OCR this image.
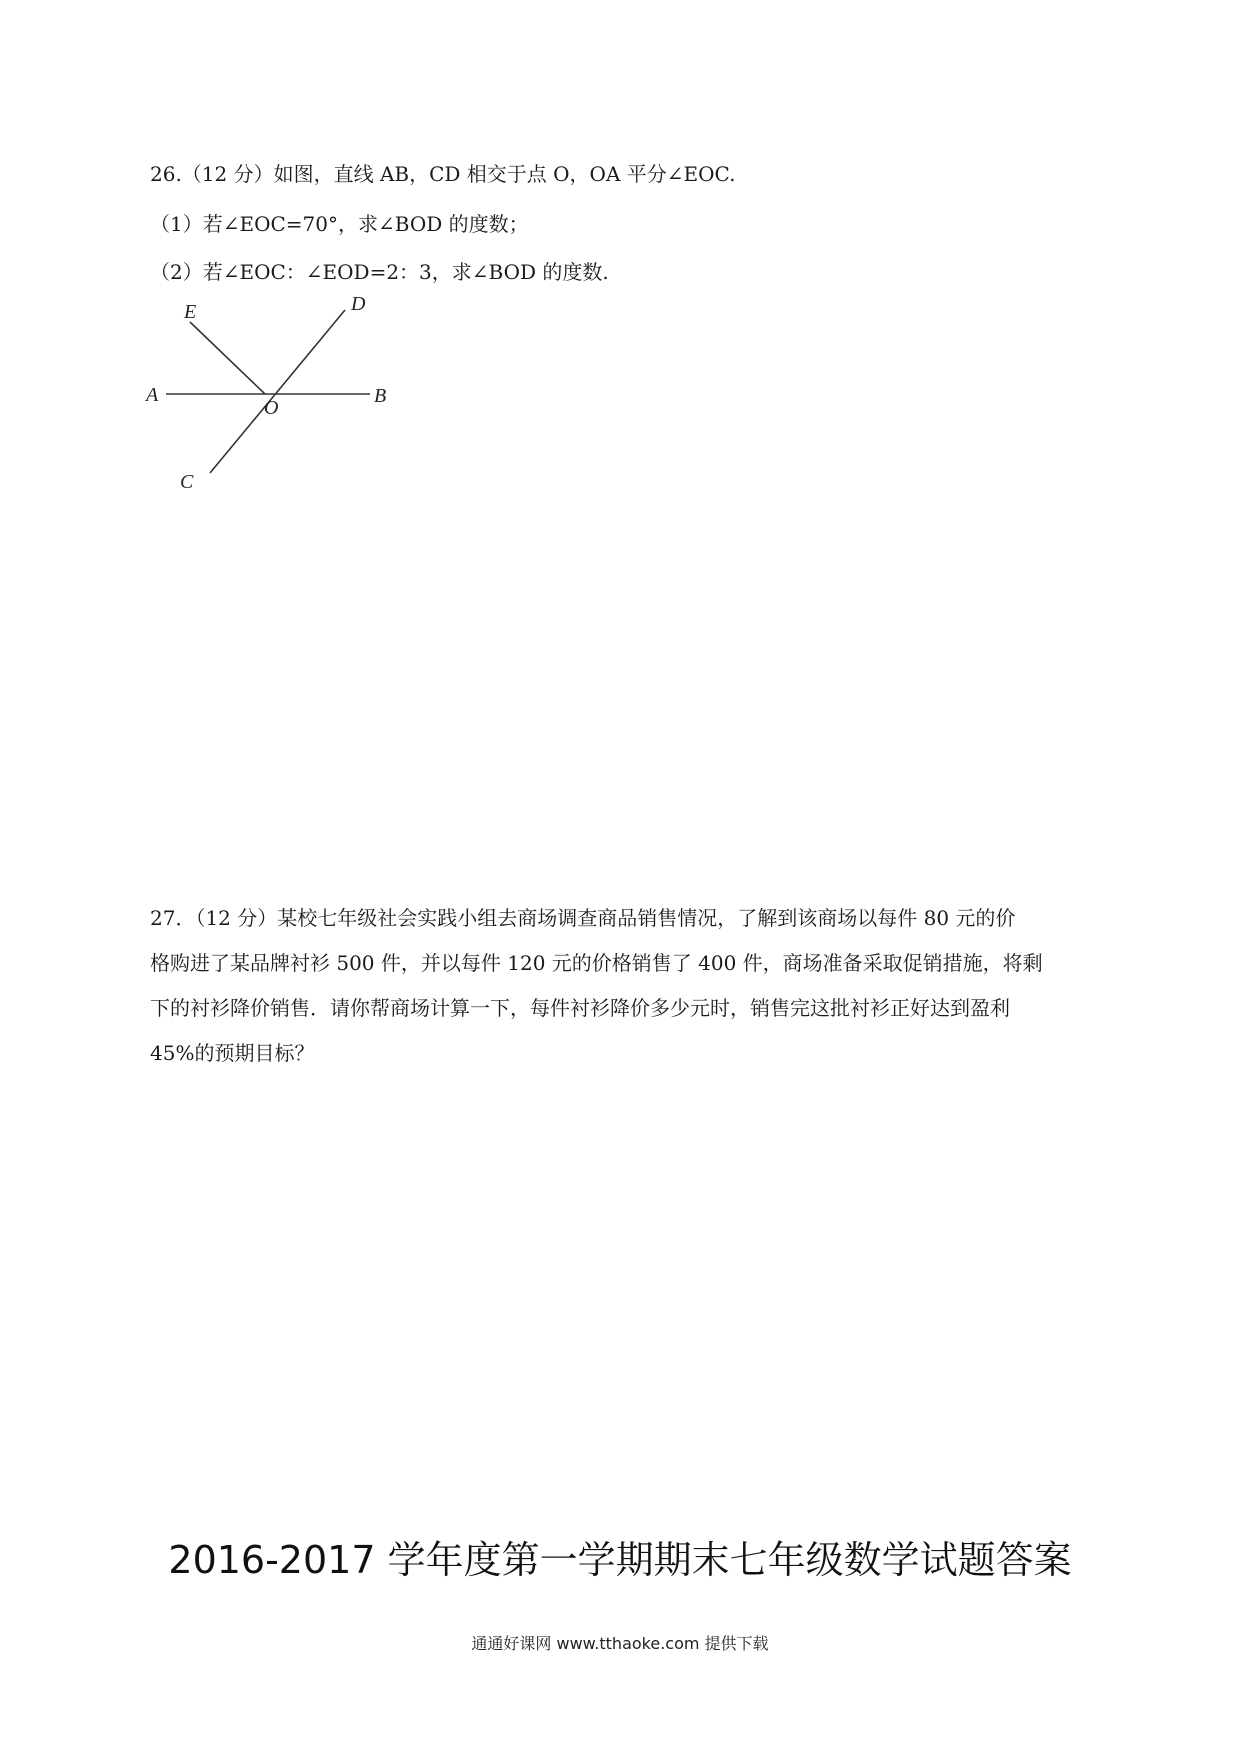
26.（12 分）如图，直线 AB，CD 相交于点 O，OA 平分∠EOC.
（1）若∠EOC=70°，求∠BOD 的度数；
（2）若∠EOC：∠EOD=2：3，求∠BOD 的度数.
A	B
C
D
E
O
27．（12 分）某校七年级社会实践小组去商场调查商品销售情况，了解到该商场以每件 80 元的价
格购进了某品牌衬衫 500 件，并以每件 120 元的价格销售了 400 件，商场准备采取促销措施，将剩
下的衬衫降价销售．请你帮商场计算一下，每件衬衫降价多少元时，销售完这批衬衫正好达到盈利
45%的预期目标？
2016-2017 学年度第一学期期末七年级数学试题答案
通通好课网 www.tthaoke.com 提供下载
